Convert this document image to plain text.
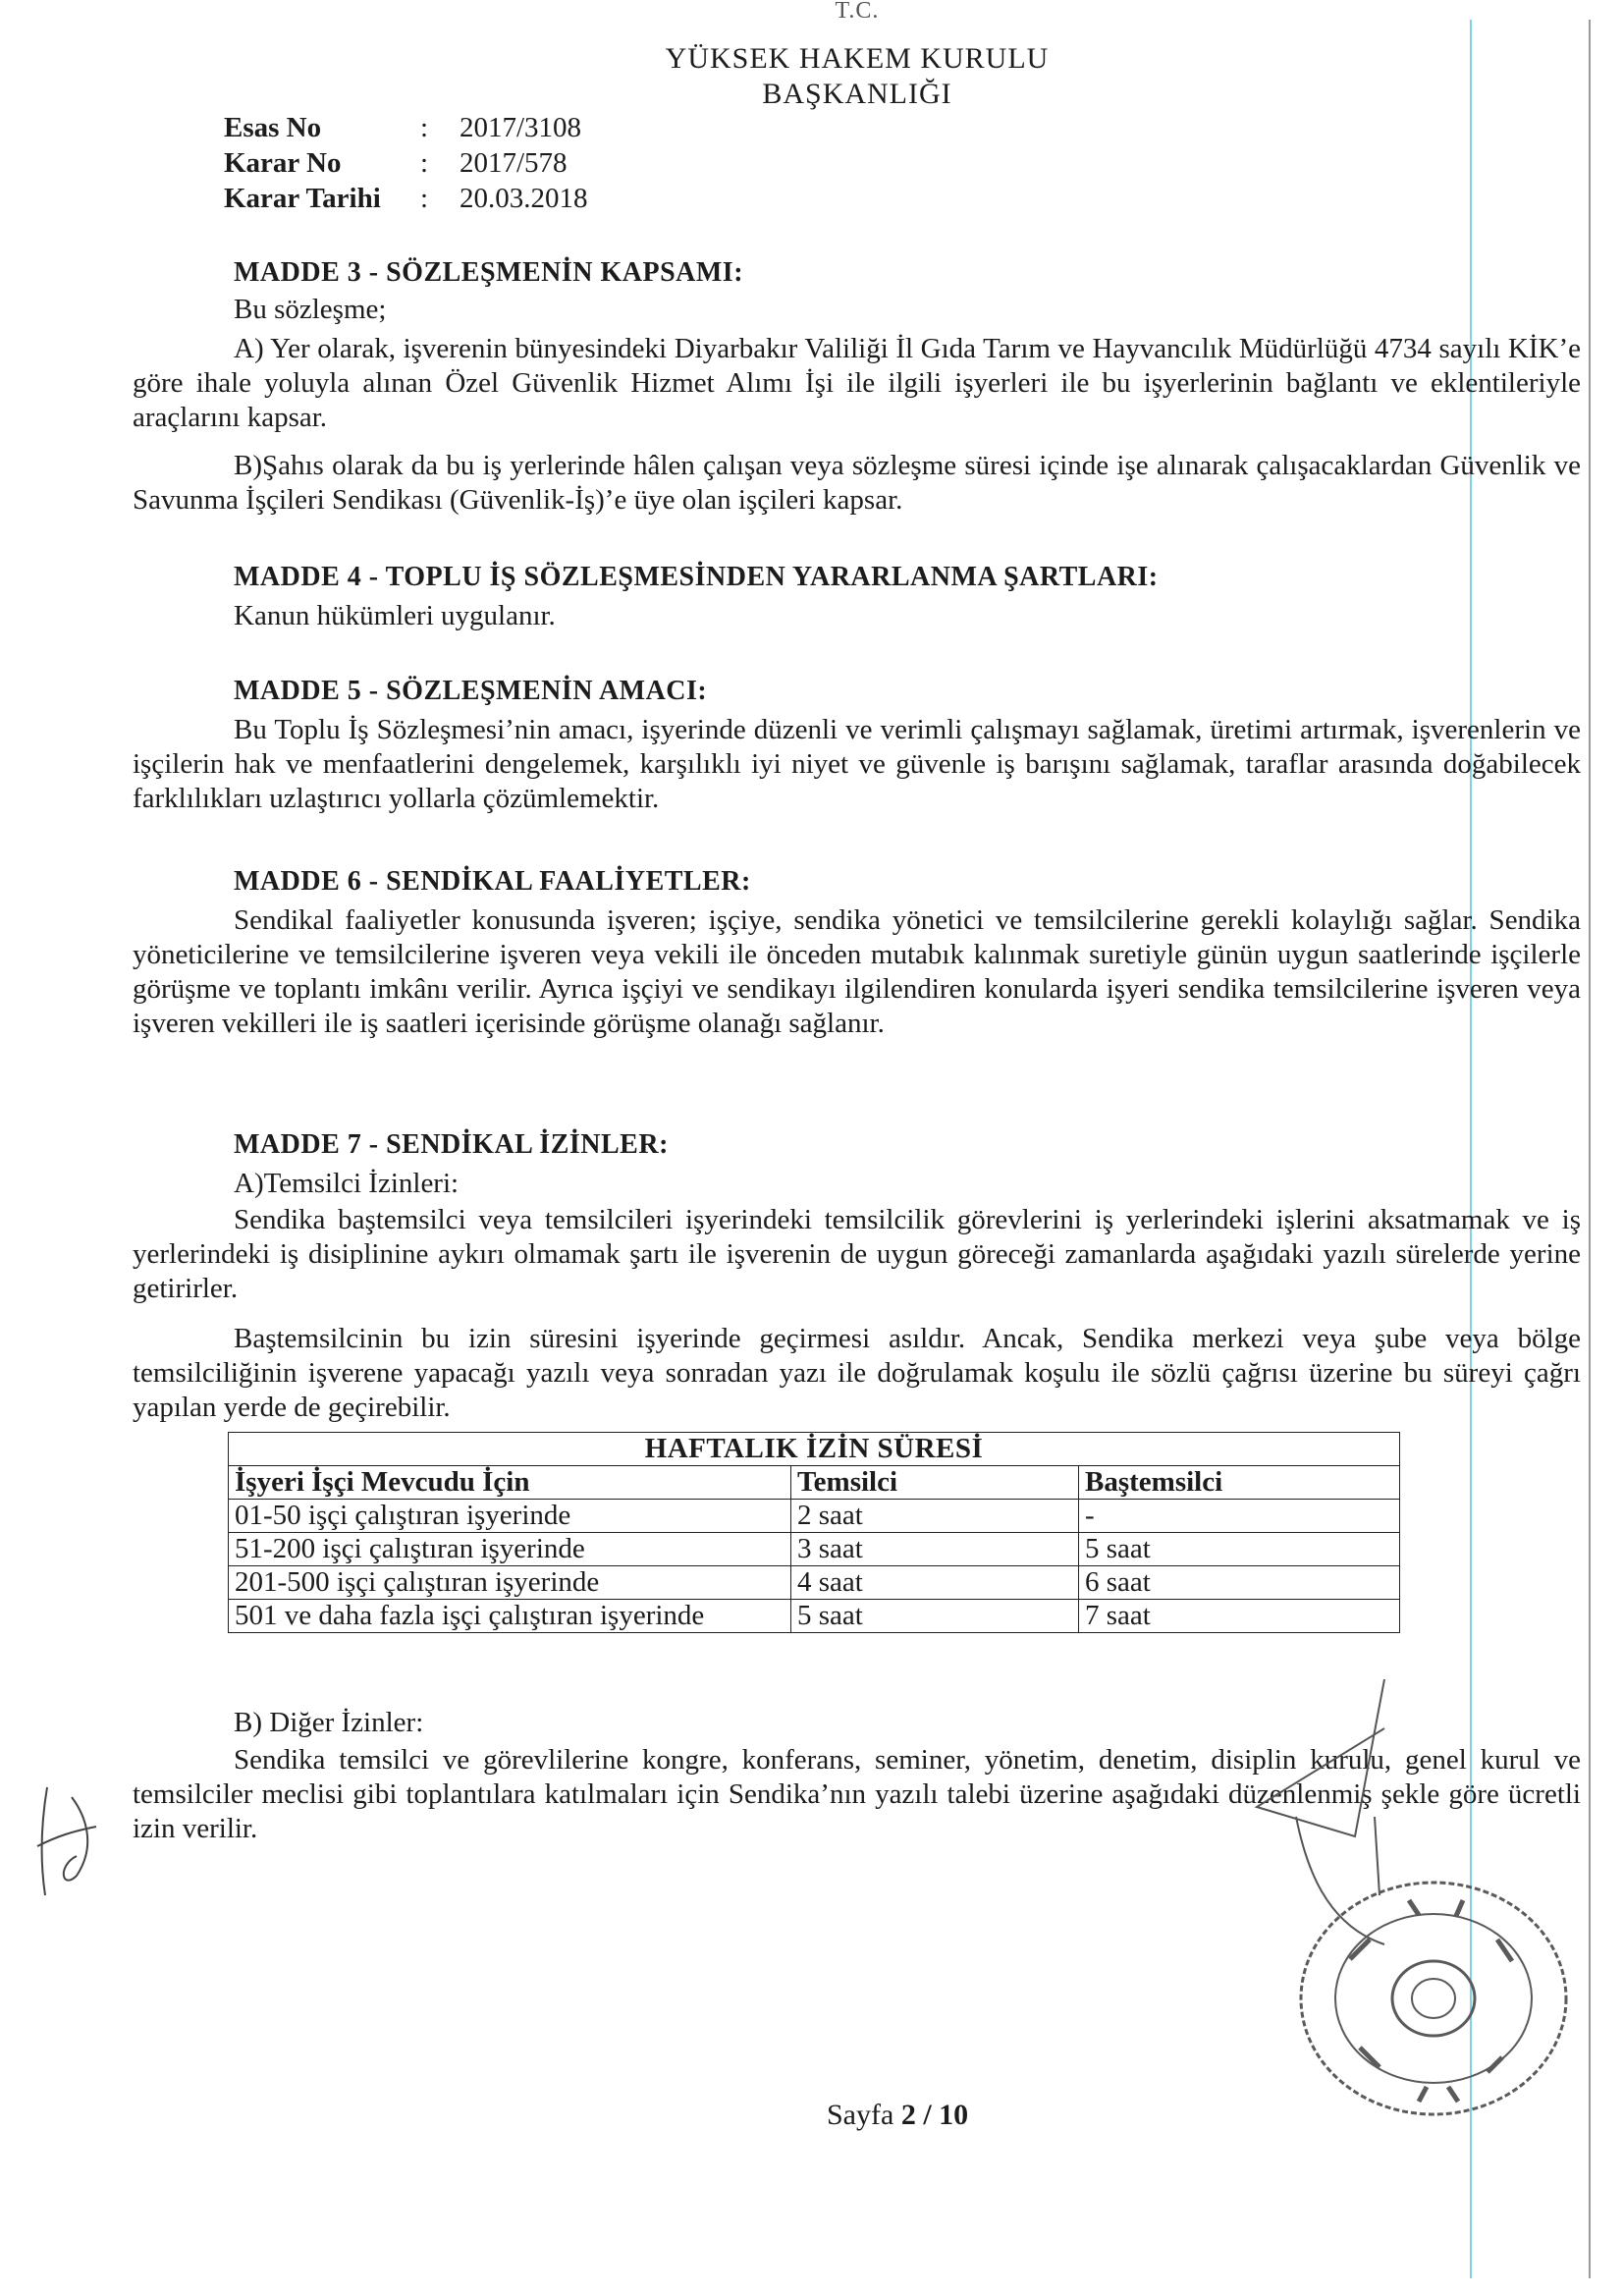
T.C.
YÜKSEK HAKEM KURULU
BAŞKANLIĞI
Esas No	: 2017/3108
Karar No	: 2017/578
Karar Tarihi : 20.03.2018
MADDE 3 - SÖZLEŞMENİN KAPSAMI:
Bu sözleşme;
A) Yer olarak, işverenin bünyesindeki Diyarbakır Valiliği İl Gıda Tarım ve Hayvancılık Müdürlüğü 4734 sayılı KİK’e göre ihale yoluyla alınan Özel Güvenlik Hizmet Alımı İşi ile ilgili işyerleri ile bu işyerlerinin bağlantı ve eklentileriyle araçlarını kapsar.
B)Şahıs olarak da bu iş yerlerinde hâlen çalışan veya sözleşme süresi içinde işe alınarak çalışacaklardan Güvenlik ve Savunma İşçileri Sendikası (Güvenlik-İş)’e üye olan işçileri kapsar.
MADDE 4 - TOPLU İŞ SÖZLEŞMESİNDEN YARARLANMA ŞARTLARI:
Kanun hükümleri uygulanır.
MADDE 5 - SÖZLEŞMENİN AMACI:
Bu Toplu İş Sözleşmesi’nin amacı, işyerinde düzenli ve verimli çalışmayı sağlamak, üretimi artırmak, işverenlerin ve işçilerin hak ve menfaatlerini dengelemek, karşılıklı iyi niyet ve güvenle iş barışını sağlamak, taraflar arasında doğabilecek farklılıkları uzlaştırıcı yollarla çözümlemektir.
MADDE 6 - SENDİKAL FAALİYETLER:
Sendikal faaliyetler konusunda işveren; işçiye, sendika yönetici ve temsilcilerine gerekli kolaylığı sağlar. Sendika yöneticilerine ve temsilcilerine işveren veya vekili ile önceden mutabık kalınmak suretiyle günün uygun saatlerinde işçilerle görüşme ve toplantı imkânı verilir. Ayrıca işçiyi ve sendikayı ilgilendiren konularda işyeri sendika temsilcilerine işveren veya işveren vekilleri ile iş saatleri içerisinde görüşme olanağı sağlanır.
MADDE 7 - SENDİKAL İZİNLER:
A)Temsilci İzinleri:
Sendika baştemsilci veya temsilcileri işyerindeki temsilcilik görevlerini iş yerlerindeki işlerini aksatmamak ve iş yerlerindeki iş disiplinine aykırı olmamak şartı ile işverenin de uygun göreceği zamanlarda aşağıdaki yazılı sürelerde yerine getirirler.
Baştemsilcinin bu izin süresini işyerinde geçirmesi asıldır. Ancak, Sendika merkezi veya şube veya bölge temsilciliğinin işverene yapacağı yazılı veya sonradan yazı ile doğrulamak koşulu ile sözlü çağrısı üzerine bu süreyi çağrı yapılan yerde de geçirebilir.
HAFTALIK İZİN SÜRESİ		
İşyeri İşçi Mevcudu İçin	Temsilci	Baştemsilci
01-50 işçi çalıştıran işyerinde	2 saat	-
51-200 işçi çalıştıran işyerinde	3 saat	5 saat
201-500 işçi çalıştıran işyerinde	4 saat	6 saat
501 ve daha fazla işçi çalıştıran işyerinde	5 saat	7 saat
B) Diğer İzinler:
Sendika temsilci ve görevlilerine kongre, konferans, seminer, yönetim, denetim, disiplin kurulu, genel kurul ve temsilciler meclisi gibi toplantılara katılmaları için Sendika’nın yazılı talebi üzerine aşağıdaki düzenlenmiş şekle göre ücretli izin verilir.
Sayfa 2 / 10
